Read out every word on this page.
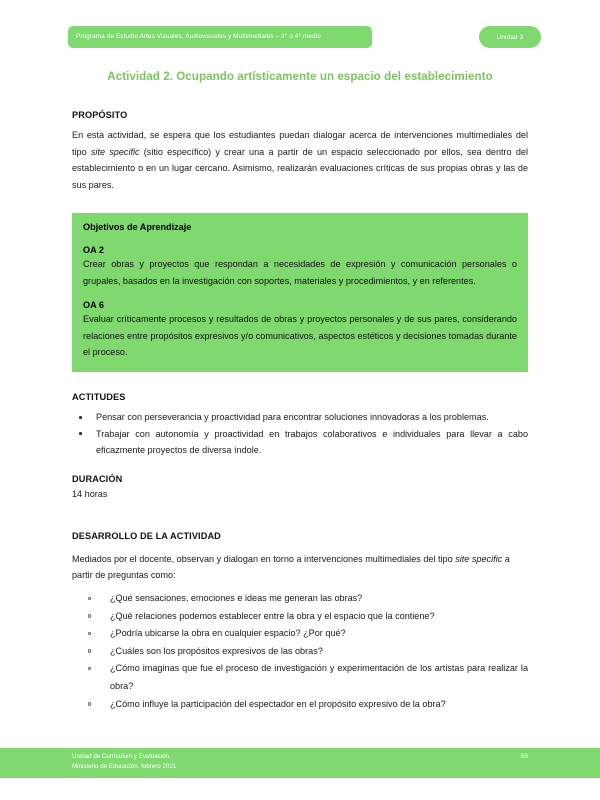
Programa de Estudio Artes Visuales, Audiovisuales y Multimediales – 3° o 4° medio	Unidad 3
Actividad 2. Ocupando artísticamente un espacio del establecimiento
PROPÓSITO

En esta actividad, se espera que los estudiantes puedan dialogar acerca de intervenciones multimediales del tipo site specific (sitio específico) y crear una a partir de un espacio seleccionado por ellos, sea dentro del establecimiento o en un lugar cercano. Asimismo, realizarán evaluaciones críticas de sus propias obras y las de sus pares.

Objetivos de Aprendizaje
OA 2

Crear obras y proyectos que respondan a necesidades de expresión y comunicación personales o grupales, basados en la investigación con soportes, materiales y procedimientos, y en referentes.

OA 6

Evaluar críticamente procesos y resultados de obras y proyectos personales y de sus pares, considerando relaciones entre propósitos expresivos y/o comunicativos, aspectos estéticos y decisiones tomadas durante el proceso.

ACTITUDES
Pensar con perseverancia y proactividad para encontrar soluciones innovadoras a los problemas.
Trabajar con autonomía y proactividad en trabajos colaborativos e individuales para llevar a cabo eficazmente proyectos de diversa índole.
DURACIÓN

14 horas

DESARROLLO DE LA ACTIVIDAD

Mediados por el docente, observan y dialogan en torno a intervenciones multimediales del tipo site specific a partir de preguntas como:

¿Qué sensaciones, emociones e ideas me generan las obras?
¿Qué relaciones podemos establecer entre la obra y el espacio que la contiene?
¿Podría ubicarse la obra en cualquier espacio? ¿Por qué?
¿Cuáles son los propósitos expresivos de las obras?
¿Cómo imaginas que fue el proceso de investigación y experimentación de los artistas para realizar la obra?
¿Cómo influye la participación del espectador en el propósito expresivo de la obra?
Unidad de Currículum y Evaluación
Ministerio de Educación, febrero 2021
86
